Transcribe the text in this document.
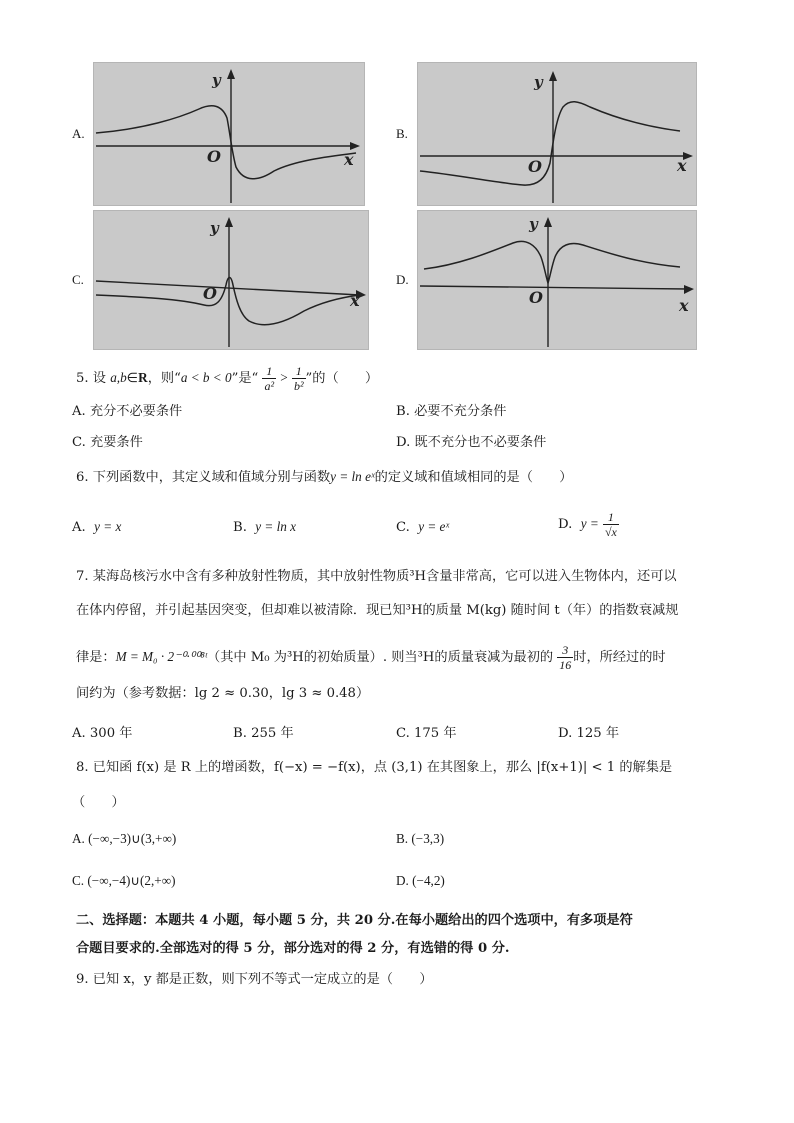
A.	B.
C.	D.
x
y
O	x
y
O
x
y
O
x
y
O
5. 设 a,b∈R，则“a < b < 0”是“ $\frac{1}{\text{a²}} > \frac{1}{\text{b²}}$ ”的（　　）
A. 充分不必要条件	B. 必要不充分条件
C. 充要条件	D. 既不充分也不必要条件
6. 下列函数中，其定义域和值域分别与函数y = ln eˣ的定义域和值域相同的是（　　）
A. y = x	B. y = ln x	C. y = eˣ	D. $y = \frac{1}{√x}$
7. 某海岛核污水中含有多种放射性物质，其中放射性物质³H含量非常高，它可以进入生物体内，还可以
在体内停留，并引起基因突变，但却难以被清除．现已知³H的质量 M(kg) 随时间 t（年）的指数衰减规
律是：M = M₀ · 2⁻⁰·⁰⁰⁸ᵗ（其中 M₀ 为³H的初始质量）. 则当³H的质量衰减为最初的 $\frac{3}{16}$ 时，所经过的时
间约为（参考数据：lg 2 ≈ 0.30，lg 3 ≈ 0.48）
A. 300 年	B. 255 年	C. 175 年	D. 125 年
8. 已知函 f(x) 是 R 上的增函数，f(−x) = −f(x)，点 (3,1) 在其图象上，那么 |f(x+1)| < 1 的解集是
（　　）
A. (−∞,−3)∪(3,+∞)	B. (−3,3)
C. (−∞,−4)∪(2,+∞)	D. (−4,2)
二、选择题：本题共 4 小题，每小题 5 分，共 20 分.在每小题给出的四个选项中，有多项是符
合题目要求的.全部选对的得 5 分，部分选对的得 2 分，有选错的得 0 分.
9. 已知 x，y 都是正数，则下列不等式一定成立的是（　　）
